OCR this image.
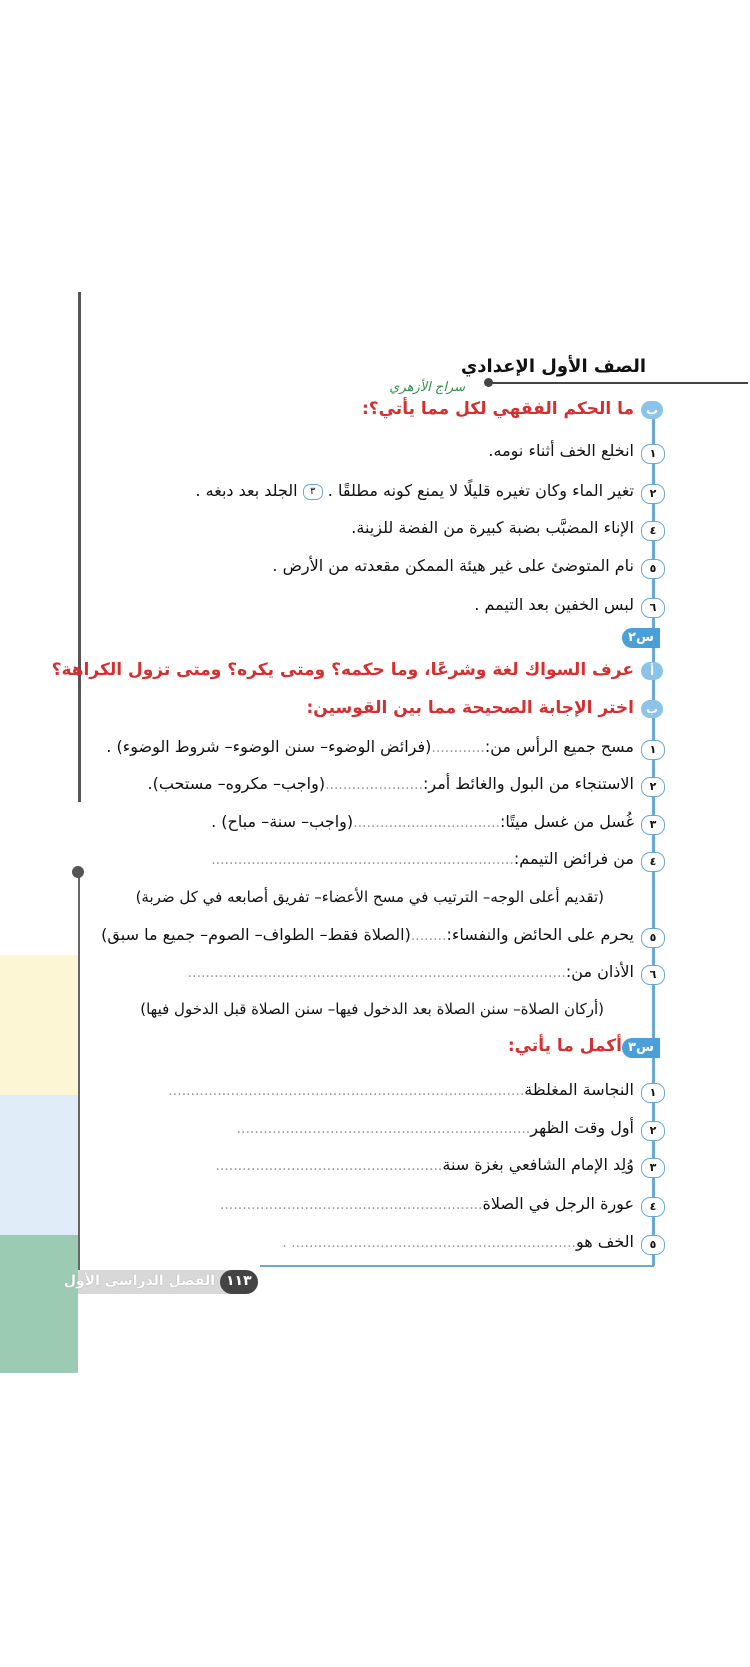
الصف الأول الإعدادي
سراج الأزهري
ب
ما الحكم الفقهي لكل مما يأتي؟:
١
انخلع الخف أثناء نومه.
٢
تغير الماء وكان تغيره قليلًا لا يمنع كونه مطلقًا . ٣ الجلد بعد دبغه .
٤
الإناء المضبَّب بضبة كبيرة من الفضة للزينة.
٥
نام المتوضئ على غير هيئة الممكن مقعدته من الأرض .
٦
لبس الخفين بعد التيمم .
س٢
أ
عرف السواك لغة وشرعًا، وما حكمه؟ ومتى يكره؟ ومتى تزول الكراهة؟
ب
اختر الإجابة الصحيحة مما بين القوسين:
١
مسح جميع الرأس من:............(فرائض الوضوء– سنن الوضوء– شروط الوضوء) .
٢
الاستنجاء من البول والغائط أمر:......................(واجب– مكروه– مستحب).
٣
غُسل من غسل ميتًا:.................................(واجب– سنة– مباح) .
٤
من فرائض التيمم:....................................................................
(تقديم أعلى الوجه– الترتيب في مسح الأعضاء– تفريق أصابعه في كل ضربة)
٥
يحرم على الحائض والنفساء:........(الصلاة فقط– الطواف– الصوم– جميع ما سبق)
٦
الأذان من:.....................................................................................
(أركان الصلاة– سنن الصلاة بعد الدخول فيها– سنن الصلاة قبل الدخول فيها)
س٣
أكمل ما يأتي:
١
النجاسة المغلظة................................................................................
٢
أول وقت الظهر..................................................................
٣
وُلِد الإمام الشافعي بغزة سنة...................................................
٤
عورة الرجل في الصلاة...........................................................
٥
الخف هو................................................................ .
الفصل الدراسي الأول ١١٣
